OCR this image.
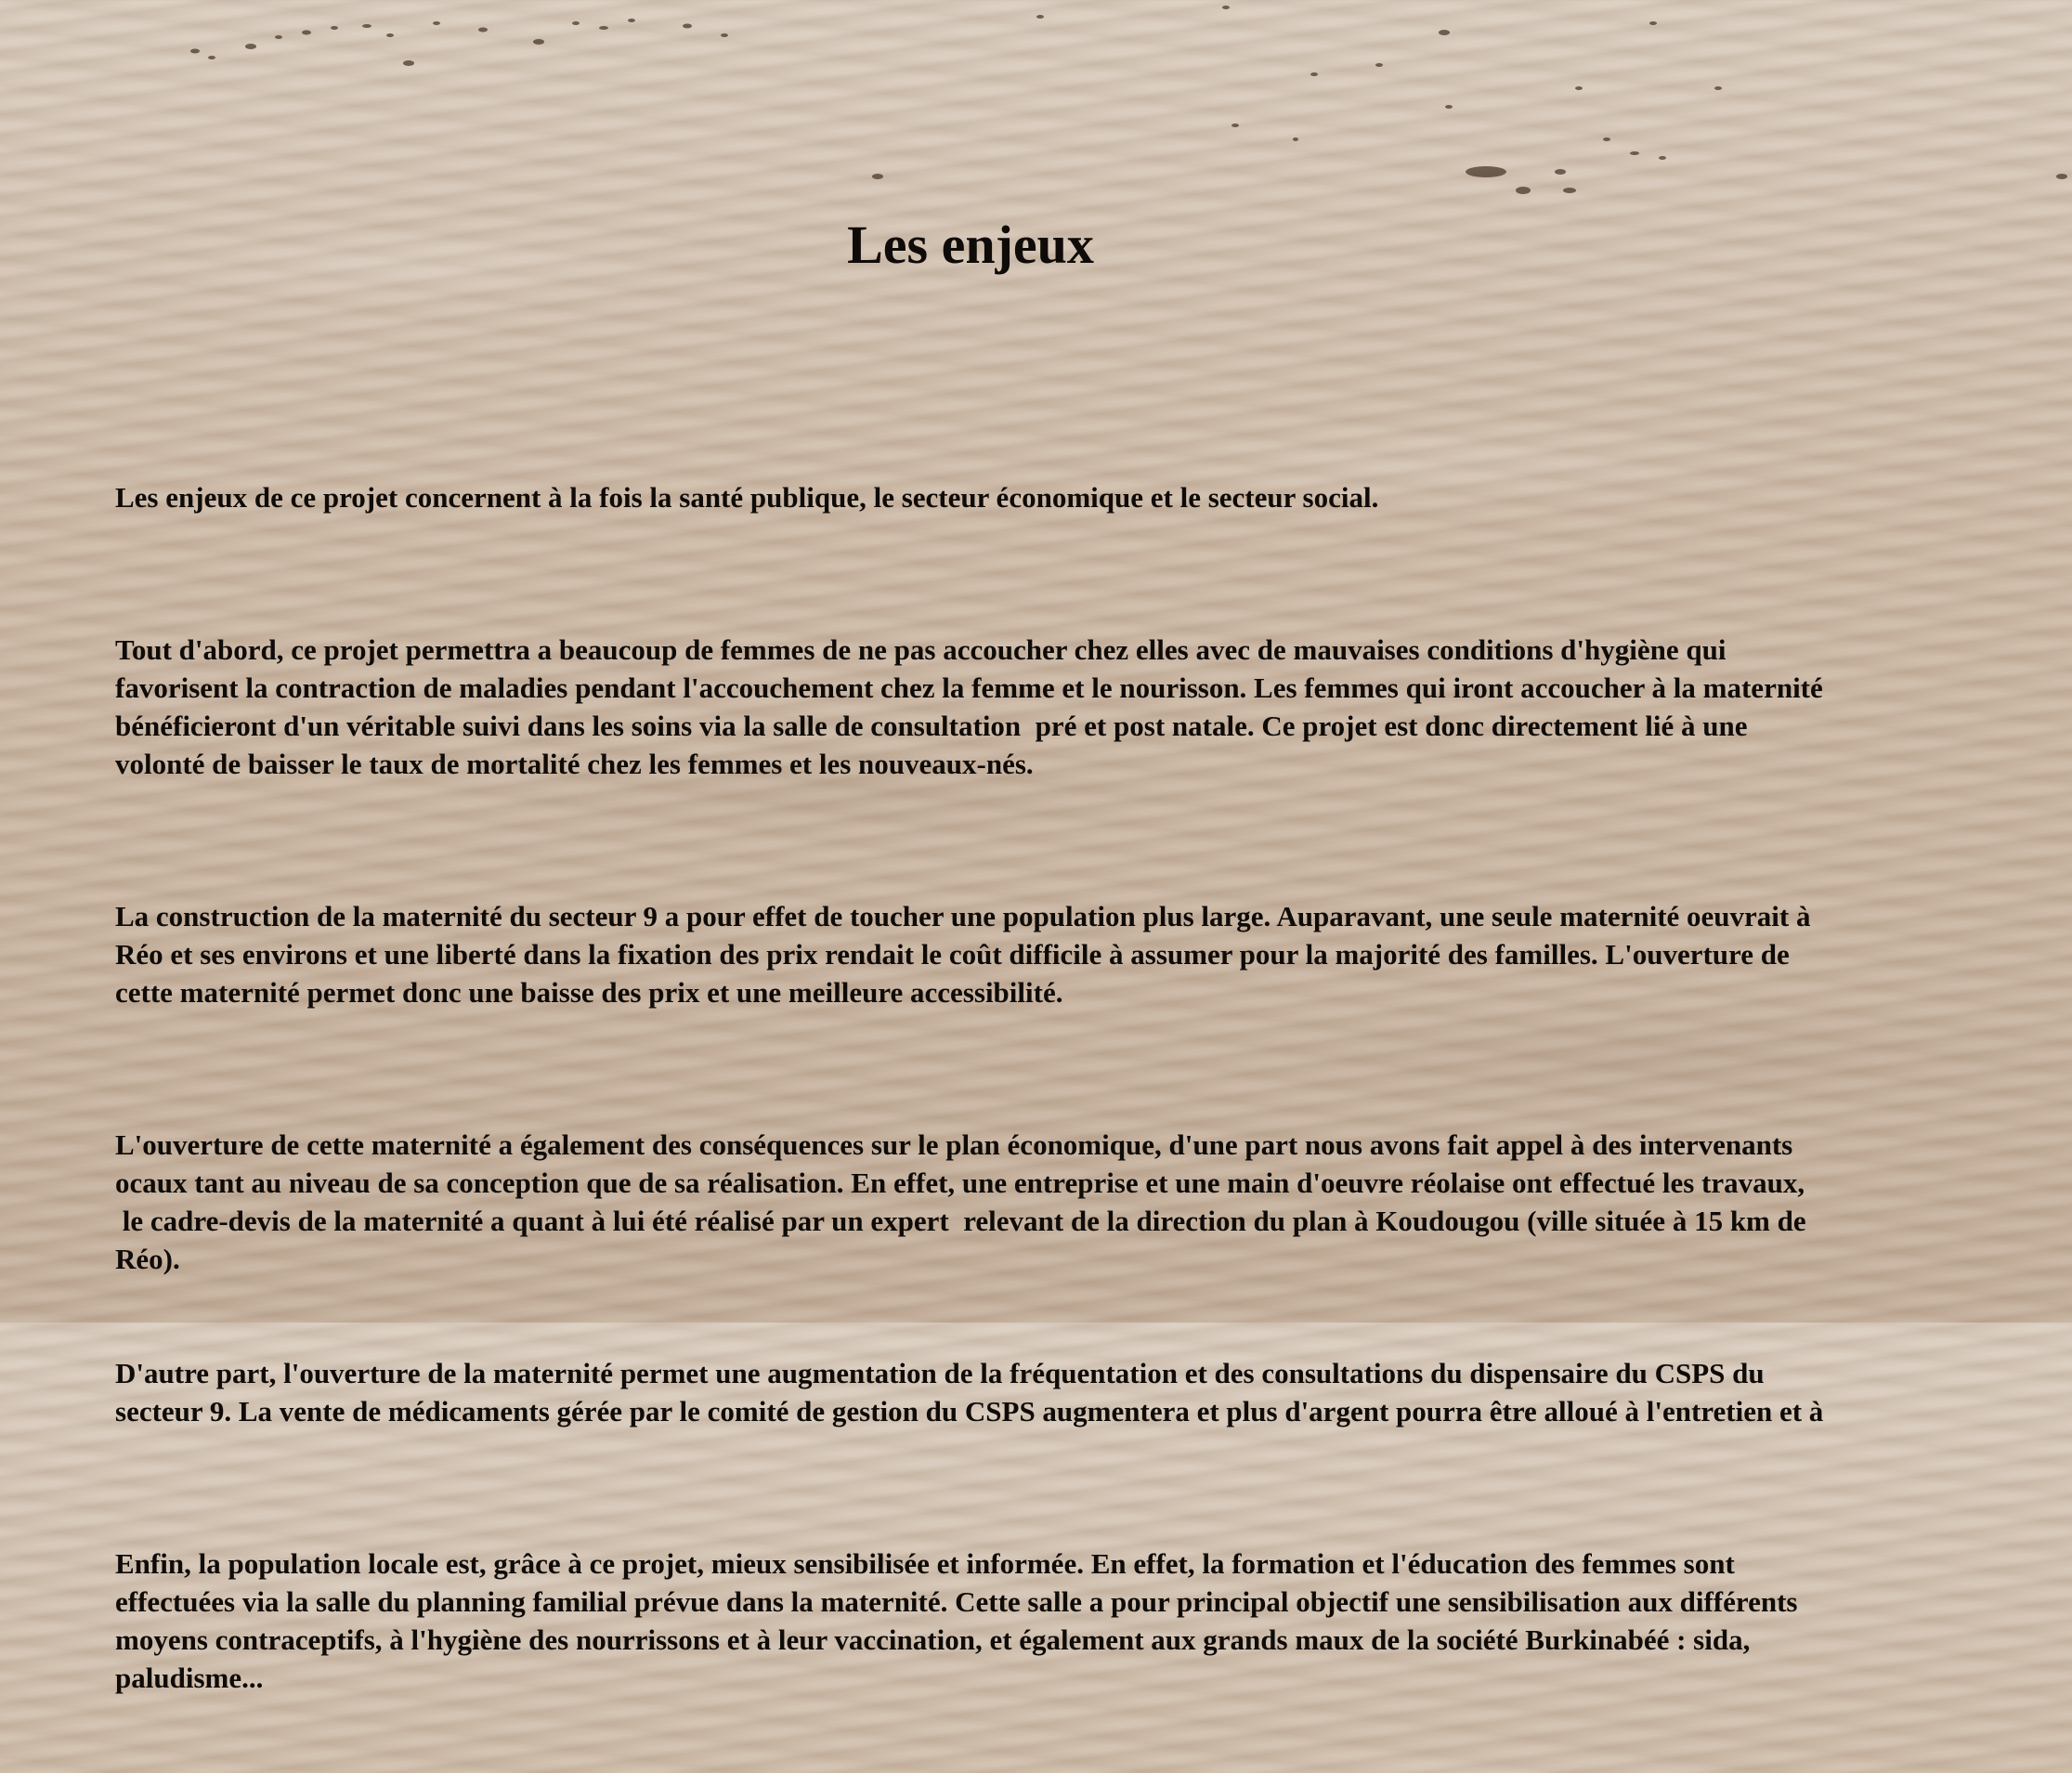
Les enjeux

Les enjeux de ce projet concernent à la fois la santé publique, le secteur économique et le secteur social.

Tout d'abord, ce projet permettra a beaucoup de femmes de ne pas accoucher chez elles avec de mauvaises conditions d'hygiène qui
favorisent la contraction de maladies pendant l'accouchement chez la femme et le nourisson. Les femmes qui iront accoucher à la maternité
bénéficieront d'un véritable suivi dans les soins via la salle de consultation  pré et post natale. Ce projet est donc directement lié à une
volonté de baisser le taux de mortalité chez les femmes et les nouveaux-nés.

La construction de la maternité du secteur 9 a pour effet de toucher une population plus large. Auparavant, une seule maternité oeuvrait à
Réo et ses environs et une liberté dans la fixation des prix rendait le coût difficile à assumer pour la majorité des familles. L'ouverture de
cette maternité permet donc une baisse des prix et une meilleure accessibilité.

L'ouverture de cette maternité a également des conséquences sur le plan économique, d'une part nous avons fait appel à des intervenants
ocaux tant au niveau de sa conception que de sa réalisation. En effet, une entreprise et une main d'oeuvre réolaise ont effectué les travaux,
le cadre-devis de la maternité a quant à lui été réalisé par un expert  relevant de la direction du plan à Koudougou (ville située à 15 km de
Réo).

D'autre part, l'ouverture de la maternité permet une augmentation de la fréquentation et des consultations du dispensaire du CSPS du
secteur 9. La vente de médicaments gérée par le comité de gestion du CSPS augmentera et plus d'argent pourra être alloué à l'entretien et à

Enfin, la population locale est, grâce à ce projet, mieux sensibilisée et informée. En effet, la formation et l'éducation des femmes sont
effectuées via la salle du planning familial prévue dans la maternité. Cette salle a pour principal objectif une sensibilisation aux différents
moyens contraceptifs, à l'hygiène des nourrissons et à leur vaccination, et également aux grands maux de la société Burkinabéé : sida,
paludisme...
